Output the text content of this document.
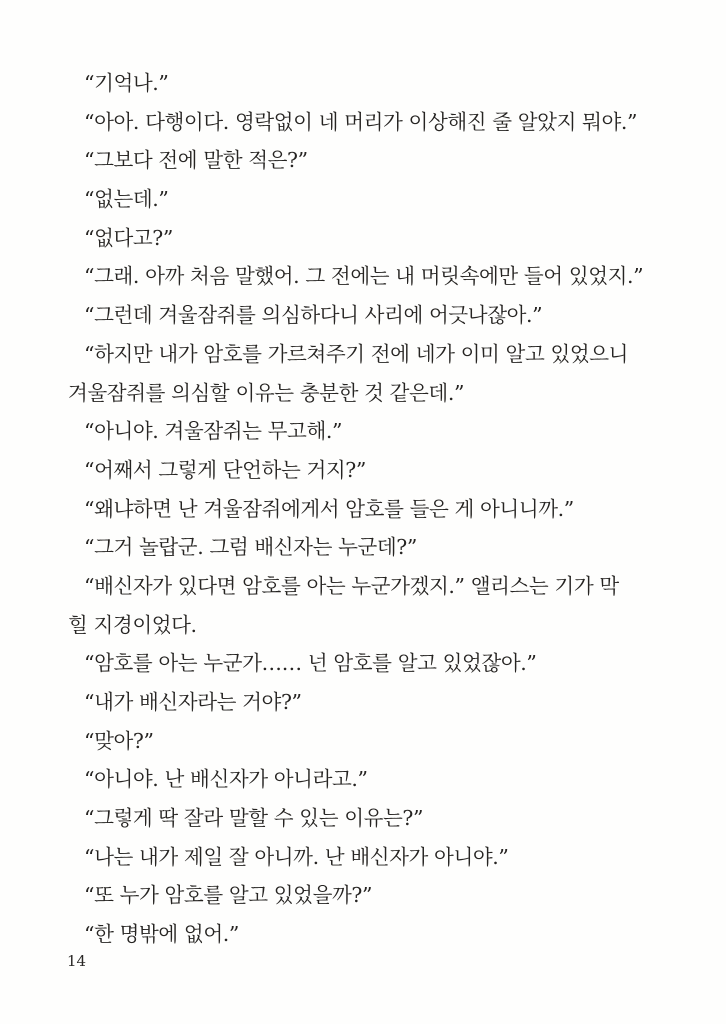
“기억나.”
“아아. 다행이다. 영락없이 네 머리가 이상해진 줄 알았지 뭐야.”
“그보다 전에 말한 적은?”
“없는데.”
“없다고?”
“그래. 아까 처음 말했어. 그 전에는 내 머릿속에만 들어 있었지.”
“그런데 겨울잠쥐를 의심하다니 사리에 어긋나잖아.”
“하지만 내가 암호를 가르쳐주기 전에 네가 이미 알고 있었으니
겨울잠쥐를 의심할 이유는 충분한 것 같은데.”
“아니야. 겨울잠쥐는 무고해.”
“어째서 그렇게 단언하는 거지?”
“왜냐하면 난 겨울잠쥐에게서 암호를 들은 게 아니니까.”
“그거 놀랍군. 그럼 배신자는 누군데?”
“배신자가 있다면 암호를 아는 누군가겠지.” 앨리스는 기가 막
힐 지경이었다.
“암호를 아는 누군가…… 넌 암호를 알고 있었잖아.”
“내가 배신자라는 거야?”
“맞아?”
“아니야. 난 배신자가 아니라고.”
“그렇게 딱 잘라 말할 수 있는 이유는?”
“나는 내가 제일 잘 아니까. 난 배신자가 아니야.”
“또 누가 암호를 알고 있었을까?”
“한 명밖에 없어.”
14
